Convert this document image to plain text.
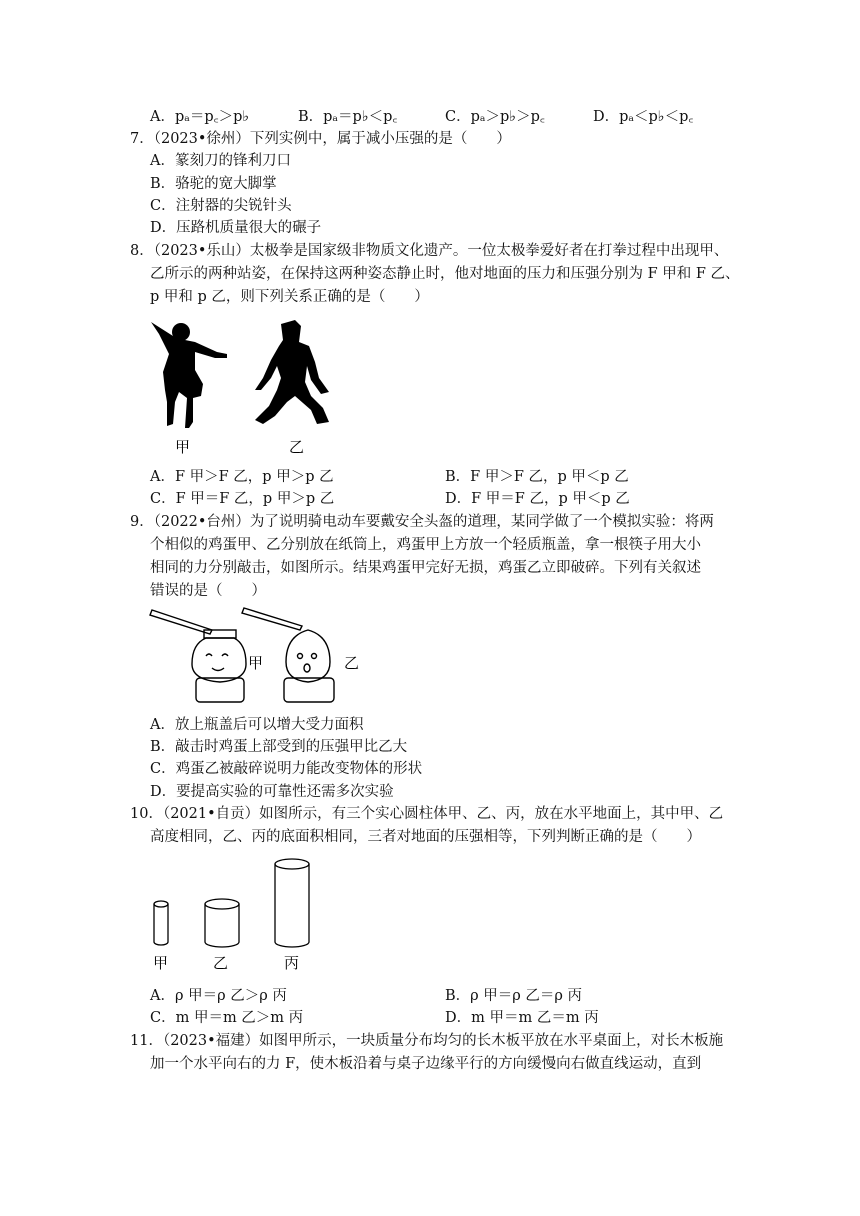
A．pₐ＝p꜀＞p♭	B．pₐ＝p♭＜p꜀	C．pₐ＞p♭＞p꜀	D．pₐ＜p♭＜p꜀
7．（2023•徐州）下列实例中，属于减小压强的是（　　）
A．篆刻刀的锋利刀口
B．骆驼的宽大脚掌
C．注射器的尖锐针头
D．压路机质量很大的碾子
8．（2023•乐山）太极拳是国家级非物质文化遗产。一位太极拳爱好者在打拳过程中出现甲、
乙所示的两种站姿，在保持这两种姿态静止时，他对地面的压力和压强分别为 F 甲和 F 乙、
p 甲和 p 乙，则下列关系正确的是（　　）
甲	乙
A．F 甲＞F 乙，p 甲＞p 乙	B．F 甲＞F 乙，p 甲＜p 乙
C．F 甲＝F 乙，p 甲＞p 乙	D．F 甲＝F 乙，p 甲＜p 乙
9．（2022•台州）为了说明骑电动车要戴安全头盔的道理，某同学做了一个模拟实验：将两
个相似的鸡蛋甲、乙分别放在纸筒上，鸡蛋甲上方放一个轻质瓶盖，拿一根筷子用大小
相同的力分别敲击，如图所示。结果鸡蛋甲完好无损，鸡蛋乙立即破碎。下列有关叙述
错误的是（　　）
甲	乙
A．放上瓶盖后可以增大受力面积
B．敲击时鸡蛋上部受到的压强甲比乙大
C．鸡蛋乙被敲碎说明力能改变物体的形状
D．要提高实验的可靠性还需多次实验
10．（2021•自贡）如图所示，有三个实心圆柱体甲、乙、丙，放在水平地面上，其中甲、乙
高度相同，乙、丙的底面积相同，三者对地面的压强相等，下列判断正确的是（　　）
甲	乙	丙
A．ρ 甲＝ρ 乙＞ρ 丙	B．ρ 甲＝ρ 乙＝ρ 丙
C．m 甲＝m 乙＞m 丙	D．m 甲＝m 乙＝m 丙
11．（2023•福建）如图甲所示，一块质量分布均匀的长木板平放在水平桌面上，对长木板施
加一个水平向右的力 F，使木板沿着与桌子边缘平行的方向缓慢向右做直线运动，直到
